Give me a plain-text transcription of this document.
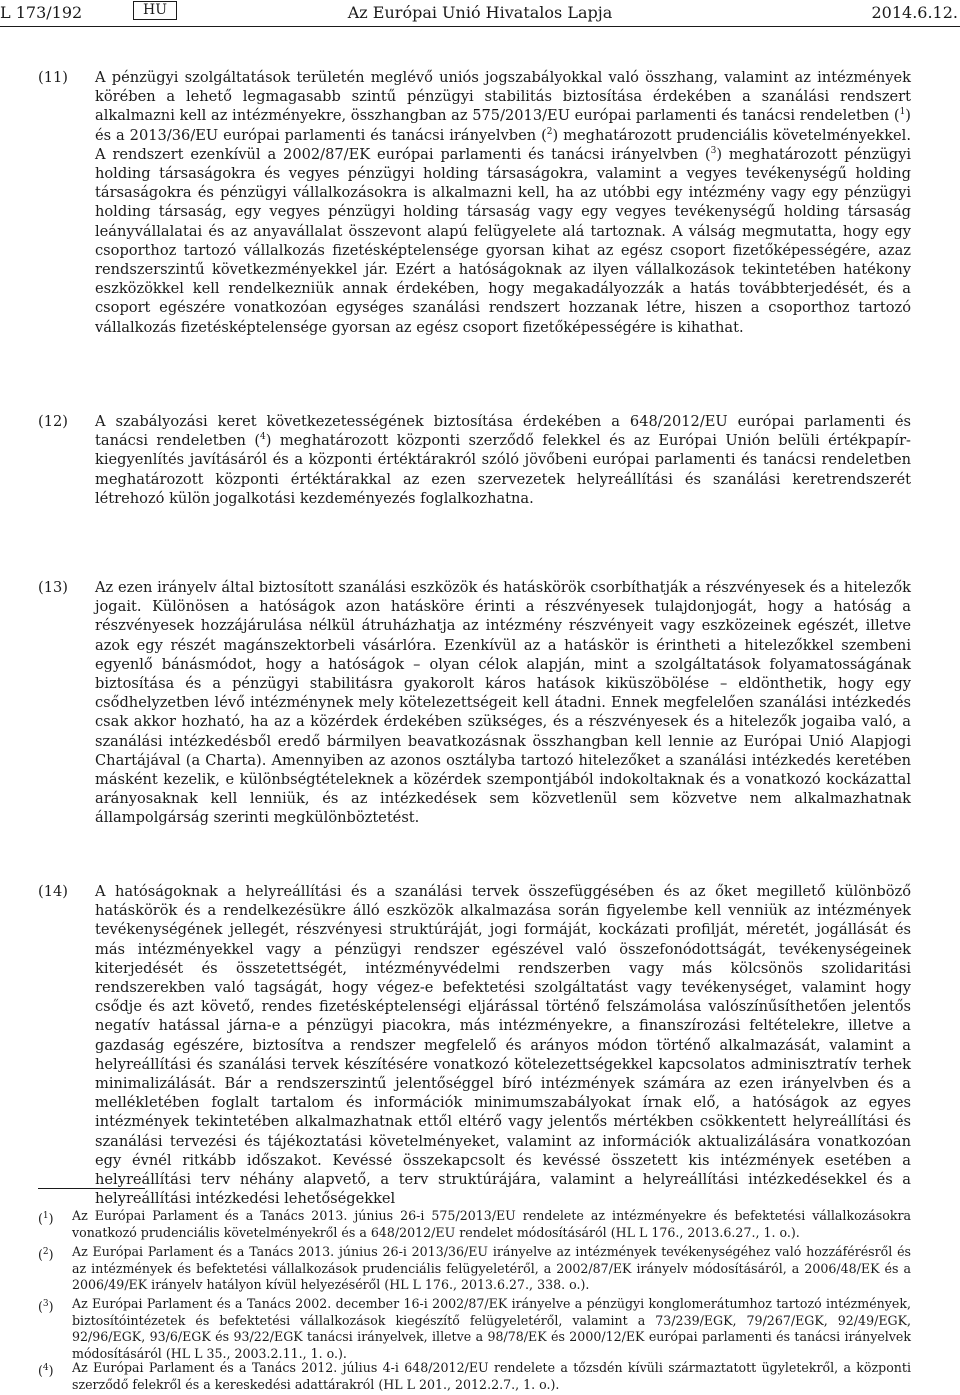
L 173/192	HU	Az Európai Unió Hivatalos Lapja	2014.6.12.
(11) A pénzügyi szolgáltatások területén meglévő uniós jogszabályokkal való összhang, valamint az intézmények körében a lehető legmagasabb szintű pénzügyi stabilitás biztosítása érdekében a szanálási rendszert alkalmazni kell az intézményekre, összhangban az 575/2013/EU európai parlamenti és tanácsi rendeletben ($^1$) és a 2013/36/EU európai parlamenti és tanácsi irányelvben ($^2$) meghatározott prudenciális követelményekkel. A rendszert ezenkívül a 2002/87/EK európai parlamenti és tanácsi irányelvben ($^3$) meghatározott pénzügyi holding társaságokra és vegyes pénzügyi holding társaságokra, valamint a vegyes tevékenységű holding társaságokra és pénzügyi vállalkozásokra is alkalmazni kell, ha az utóbbi egy intézmény vagy egy pénzügyi holding társaság, egy vegyes pénzügyi holding társaság vagy egy vegyes tevékenységű holding társaság leányvállalatai és az anyavállalat összevont alapú felügyelete alá tartoznak. A válság megmutatta, hogy egy csoporthoz tartozó vállalkozás fizetésképtelensége gyorsan kihat az egész csoport fizetőképességére, azaz rendszerszintű következményekkel jár. Ezért a hatóságoknak az ilyen vállalkozások tekintetében hatékony eszközökkel kell rendelkezniük annak érdekében, hogy megakadályozzák a hatás továbbterjedését, és a csoport egészére vonatkozóan egységes szanálási rendszert hozzanak létre, hiszen a csoporthoz tartozó vállalkozás fizetésképtelensége gyorsan az egész csoport fizetőképességére is kihathat.
(12) A szabályozási keret következetességének biztosítása érdekében a 648/2012/EU európai parlamenti és tanácsi rendeletben ($^4$) meghatározott központi szerződő felekkel és az Európai Unión belüli értékpapír-kiegyenlítés javításáról és a központi értéktárakról szóló jövőbeni európai parlamenti és tanácsi rendeletben meghatározott központi értéktárakkal az ezen szervezetek helyreállítási és szanálási keretrendszerét létrehozó külön jogalkotási kezdeményezés foglalkozhatna.
(13) Az ezen irányelv által biztosított szanálási eszközök és hatáskörök csorbíthatják a részvényesek és a hitelezők jogait. Különösen a hatóságok azon hatásköre érinti a részvényesek tulajdonjogát, hogy a hatóság a részvényesek hozzájárulása nélkül átruházhatja az intézmény részvényeit vagy eszközeinek egészét, illetve azok egy részét magánszektorbeli vásárlóra. Ezenkívül az a hatáskör is érintheti a hitelezőkkel szembeni egyenlő bánásmódot, hogy a hatóságok – olyan célok alapján, mint a szolgáltatások folyamatosságának biztosítása és a pénzügyi stabilitásra gyakorolt káros hatások kiküszöbölése – eldönthetik, hogy egy csődhelyzetben lévő intézménynek mely kötelezettségeit kell átadni. Ennek megfelelően szanálási intézkedés csak akkor hozható, ha az a közérdek érdekében szükséges, és a részvényesek és a hitelezők jogaiba való, a szanálási intézkedésből eredő bármilyen beavatkozásnak összhangban kell lennie az Európai Unió Alapjogi Chartájával (a Charta). Amennyiben az azonos osztályba tartozó hitelezőket a szanálási intézkedés keretében másként kezelik, e különbségtételeknek a közérdek szempontjából indokoltaknak és a vonatkozó kockázattal arányosaknak kell lenniük, és az intézkedések sem közvetlenül sem közvetve nem alkalmazhatnak állampolgárság szerinti megkülönböztetést.
(14) A hatóságoknak a helyreállítási és a szanálási tervek összefüggésében és az őket megillető különböző hatáskörök és a rendelkezésükre álló eszközök alkalmazása során figyelembe kell venniük az intézmények tevékenységének jellegét, részvényesi struktúráját, jogi formáját, kockázati profilját, méretét, jogállását és más intézményekkel vagy a pénzügyi rendszer egészével való összefonódottságát, tevékenységeinek kiterjedését és összetettségét, intézményvédelmi rendszerben vagy más kölcsönös szolidaritási rendszerekben való tagságát, hogy végez-e befektetési szolgáltatást vagy tevékenységet, valamint hogy csődje és azt követő, rendes fizetésképtelenségi eljárással történő felszámolása valószínűsíthetően jelentős negatív hatással járna-e a pénzügyi piacokra, más intézményekre, a finanszírozási feltételekre, illetve a gazdaság egészére, biztosítva a rendszer megfelelő és arányos módon történő alkalmazását, valamint a helyreállítási és szanálási tervek készítésére vonatkozó kötelezettségekkel kapcsolatos adminisztratív terhek minimalizálását. Bár a rendszerszintű jelentőséggel bíró intézmények számára az ezen irányelvben és a mellékletében foglalt tartalom és információk minimumszabályokat írnak elő, a hatóságok az egyes intézmények tekintetében alkalmazhatnak ettől eltérő vagy jelentős mértékben csökkentett helyreállítási és szanálási tervezési és tájékoztatási követelményeket, valamint az információk aktualizálására vonatkozóan egy évnél ritkább időszakot. Kevéssé összekapcsolt és kevéssé összetett kis intézmények esetében a helyreállítási terv néhány alapvető, a terv struktúrájára, valamint a helyreállítási intézkedésekkel és a helyreállítási intézkedési lehetőségekkel
($^1$) Az Európai Parlament és a Tanács 2013. június 26-i 575/2013/EU rendelete az intézményekre és befektetési vállalkozásokra vonatkozó prudenciális követelményekről és a 648/2012/EU rendelet módosításáról (HL L 176., 2013.6.27., 1. o.).
($^2$) Az Európai Parlament és a Tanács 2013. június 26-i 2013/36/EU irányelve az intézmények tevékenységéhez való hozzáférésről és az intézmények és befektetési vállalkozások prudenciális felügyeletéről, a 2002/87/EK irányelv módosításáról, a 2006/48/EK és a 2006/49/EK irányelv hatályon kívül helyezéséről (HL L 176., 2013.6.27., 338. o.).
($^3$) Az Európai Parlament és a Tanács 2002. december 16-i 2002/87/EK irányelve a pénzügyi konglomerátumhoz tartozó intézmények, biztosítóintézetek és befektetési vállalkozások kiegészítő felügyeletéről, valamint a 73/239/EGK, 79/267/EGK, 92/49/EGK, 92/96/EGK, 93/6/EGK és 93/22/EGK tanácsi irányelvek, illetve a 98/78/EK és 2000/12/EK európai parlamenti és tanácsi irányelvek módosításáról (HL L 35., 2003.2.11., 1. o.).
($^4$) Az Európai Parlament és a Tanács 2012. július 4-i 648/2012/EU rendelete a tőzsdén kívüli származtatott ügyletekről, a központi szerződő felekről és a kereskedési adattárakról (HL L 201., 2012.2.7., 1. o.).
